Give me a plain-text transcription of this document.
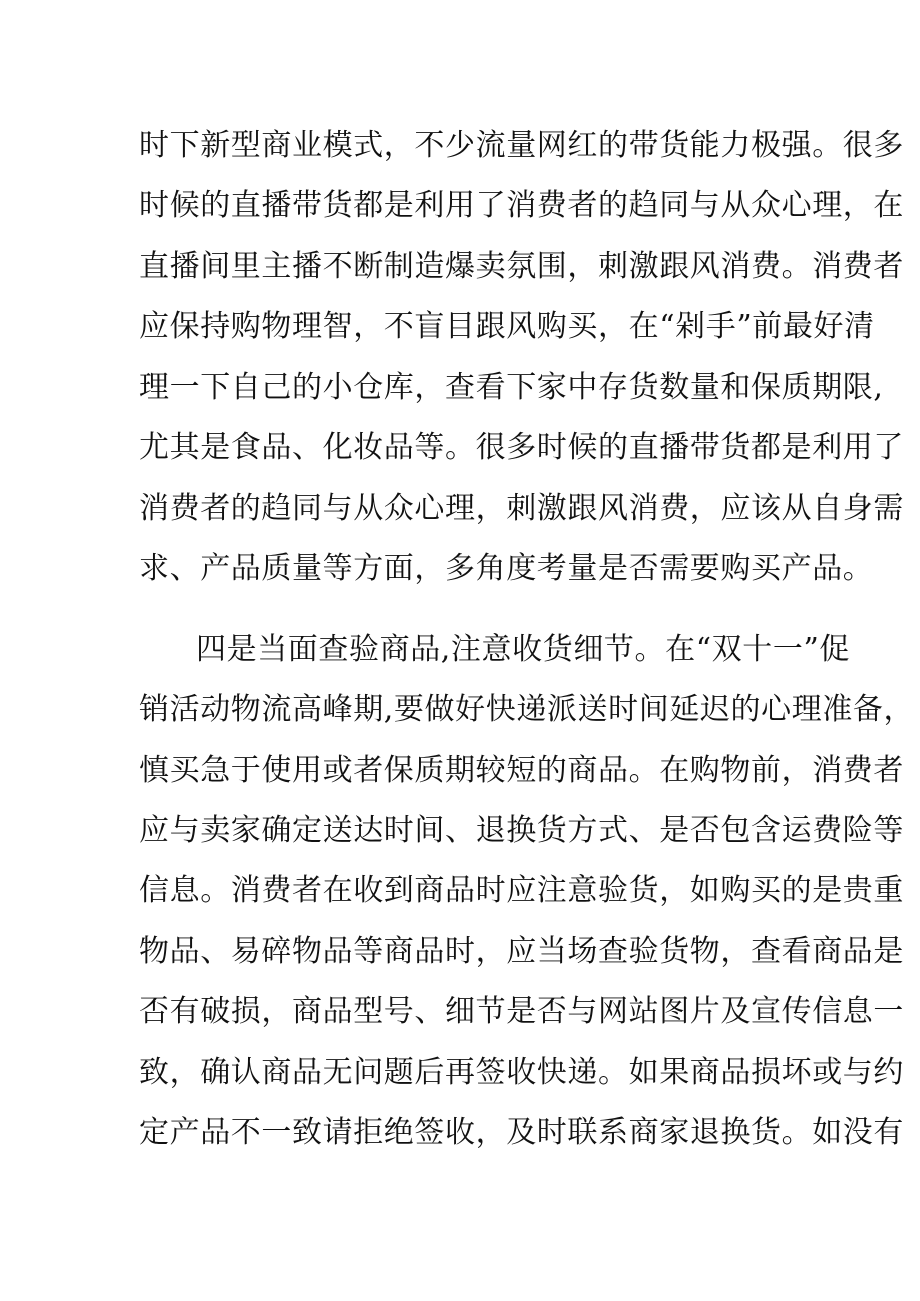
时下新型商业模式，不少流量网红的带货能力极强。很多

时候的直播带货都是利用了消费者的趋同与从众心理，在

直播间里主播不断制造爆卖氛围，刺激跟风消费。消费者

应保持购物理智，不盲目跟风购买，在“剁手”前最好清

理一下自己的小仓库，查看下家中存货数量和保质期限,

尤其是食品、化妆品等。很多时候的直播带货都是利用了

消费者的趋同与从众心理，刺激跟风消费，应该从自身需

求、产品质量等方面，多角度考量是否需要购买产品。

四是当面查验商品,注意收货细节。在“双十一”促

销活动物流高峰期,要做好快递派送时间延迟的心理准备，

慎买急于使用或者保质期较短的商品。在购物前，消费者

应与卖家确定送达时间、退换货方式、是否包含运费险等

信息。消费者在收到商品时应注意验货，如购买的是贵重

物品、易碎物品等商品时，应当场查验货物，查看商品是

否有破损，商品型号、细节是否与网站图片及宣传信息一

致，确认商品无问题后再签收快递。如果商品损坏或与约

定产品不一致请拒绝签收，及时联系商家退换货。如没有
